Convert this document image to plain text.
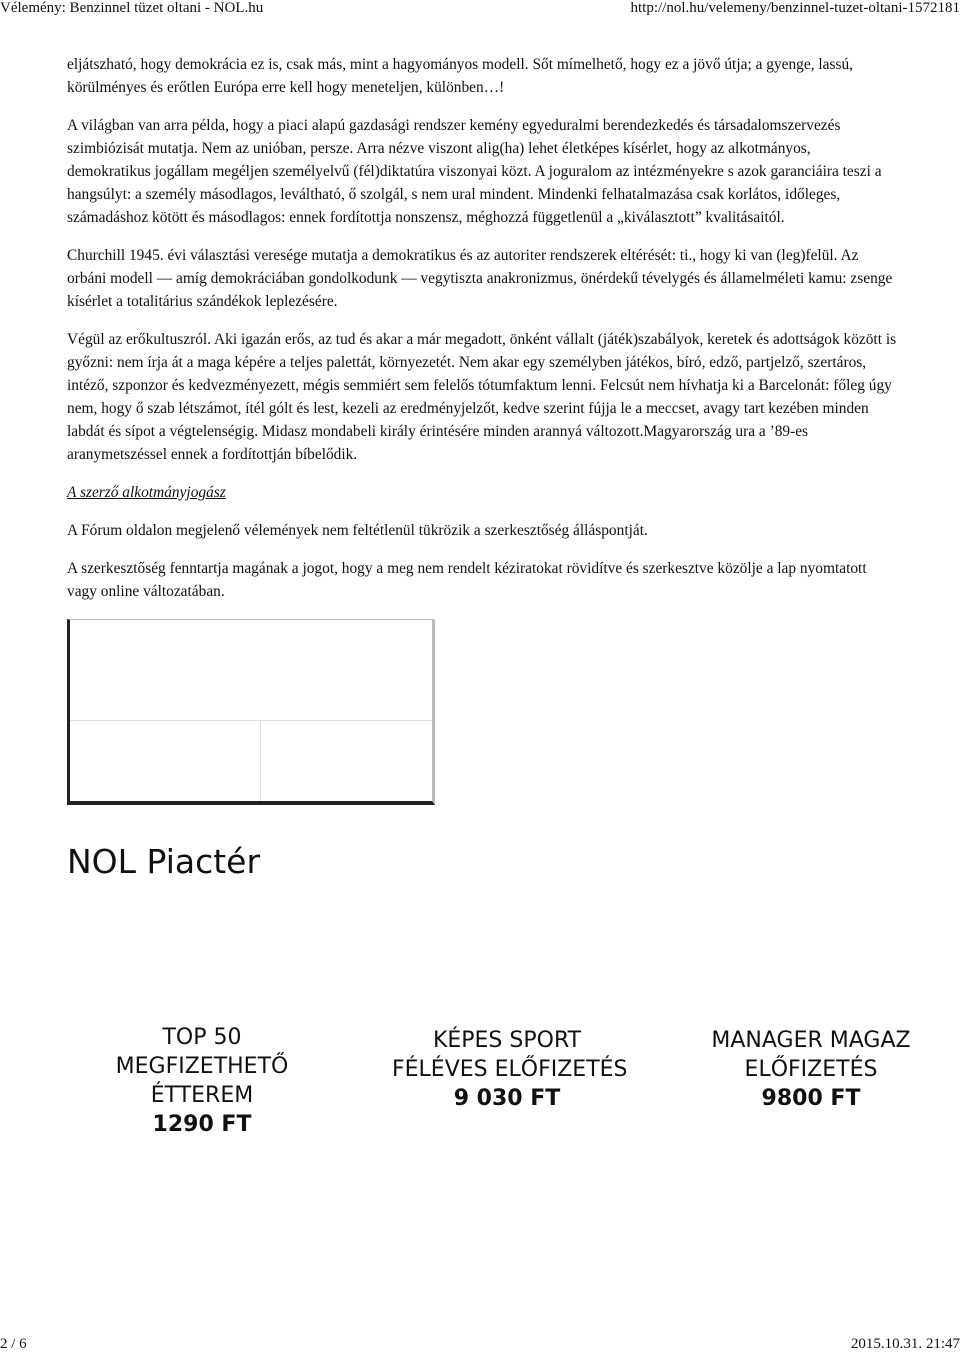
Vélemény: Benzinnel tüzet oltani - NOL.hu	http://nol.hu/velemeny/benzinnel-tuzet-oltani-1572181

eljátszható, hogy demokrácia ez is, csak más, mint a hagyományos modell. Sőt mímelhető, hogy ez a jövő útja; a gyenge, lassú, körülményes és erőtlen Európa erre kell hogy meneteljen, különben…!

A világban van arra példa, hogy a piaci alapú gazdasági rendszer kemény egyeduralmi berendezkedés és társadalomszervezés szimbiózisát mutatja. Nem az unióban, persze. Arra nézve viszont alig(ha) lehet életképes kísérlet, hogy az alkotmányos, demokratikus jogállam megéljen személyelvű (fél)diktatúra viszonyai közt. A joguralom az intézményekre s azok garanciáira teszi a hangsúlyt: a személy másodlagos, leváltható, ő szolgál, s nem ural mindent. Mindenki felhatalmazása csak korlátos, időleges, számadáshoz kötött és másodlagos: ennek fordítottja nonszensz, méghozzá függetlenül a „kiválasztott” kvalitásaitól.

Churchill 1945. évi választási veresége mutatja a demokratikus és az autoriter rendszerek eltérését: ti., hogy ki van (leg)felül. Az orbáni modell — amíg demokráciában gondolkodunk — vegytiszta anakronizmus, önérdekű tévelygés és államelméleti kamu: zsenge kísérlet a totalitárius szándékok leplezésére.

Végül az erőkultuszról. Aki igazán erős, az tud és akar a már megadott, önként vállalt (játék)szabályok, keretek és adottságok között is győzni: nem írja át a maga képére a teljes palettát, környezetét. Nem akar egy személyben játékos, bíró, edző, partjelző, szertáros, intéző, szponzor és kedvezményezett, mégis semmiért sem felelős tótumfaktum lenni. Felcsút nem hívhatja ki a Barcelonát: főleg úgy nem, hogy ő szab létszámot, ítél gólt és lest, kezeli az eredményjelzőt, kedve szerint fújja le a meccset, avagy tart kezében minden labdát és sípot a végtelenségig. Midasz mondabeli király érintésére minden arannyá változott.Magyarország ura a ’89-es aranymetszéssel ennek a fordítottján bíbelődik.

A szerző alkotmányjogász

A Fórum oldalon megjelenő vélemények nem feltétlenül tükrözik a szerkesztőség álláspontját.

A szerkesztőség fenntartja magának a jogot, hogy a meg nem rendelt kéziratokat rövidítve és szerkesztve közölje a lap nyomtatott vagy online változatában.

NOL Piactér
TOP 50
MEGFIZETHETŐ
ÉTTEREM
1290 FT
KÉPES SPORT
FÉLÉVES ELŐFIZETÉS
9 030 FT
MANAGER MAGAZ
ELŐFIZETÉS
9800 FT
2 / 6	2015.10.31. 21:47
